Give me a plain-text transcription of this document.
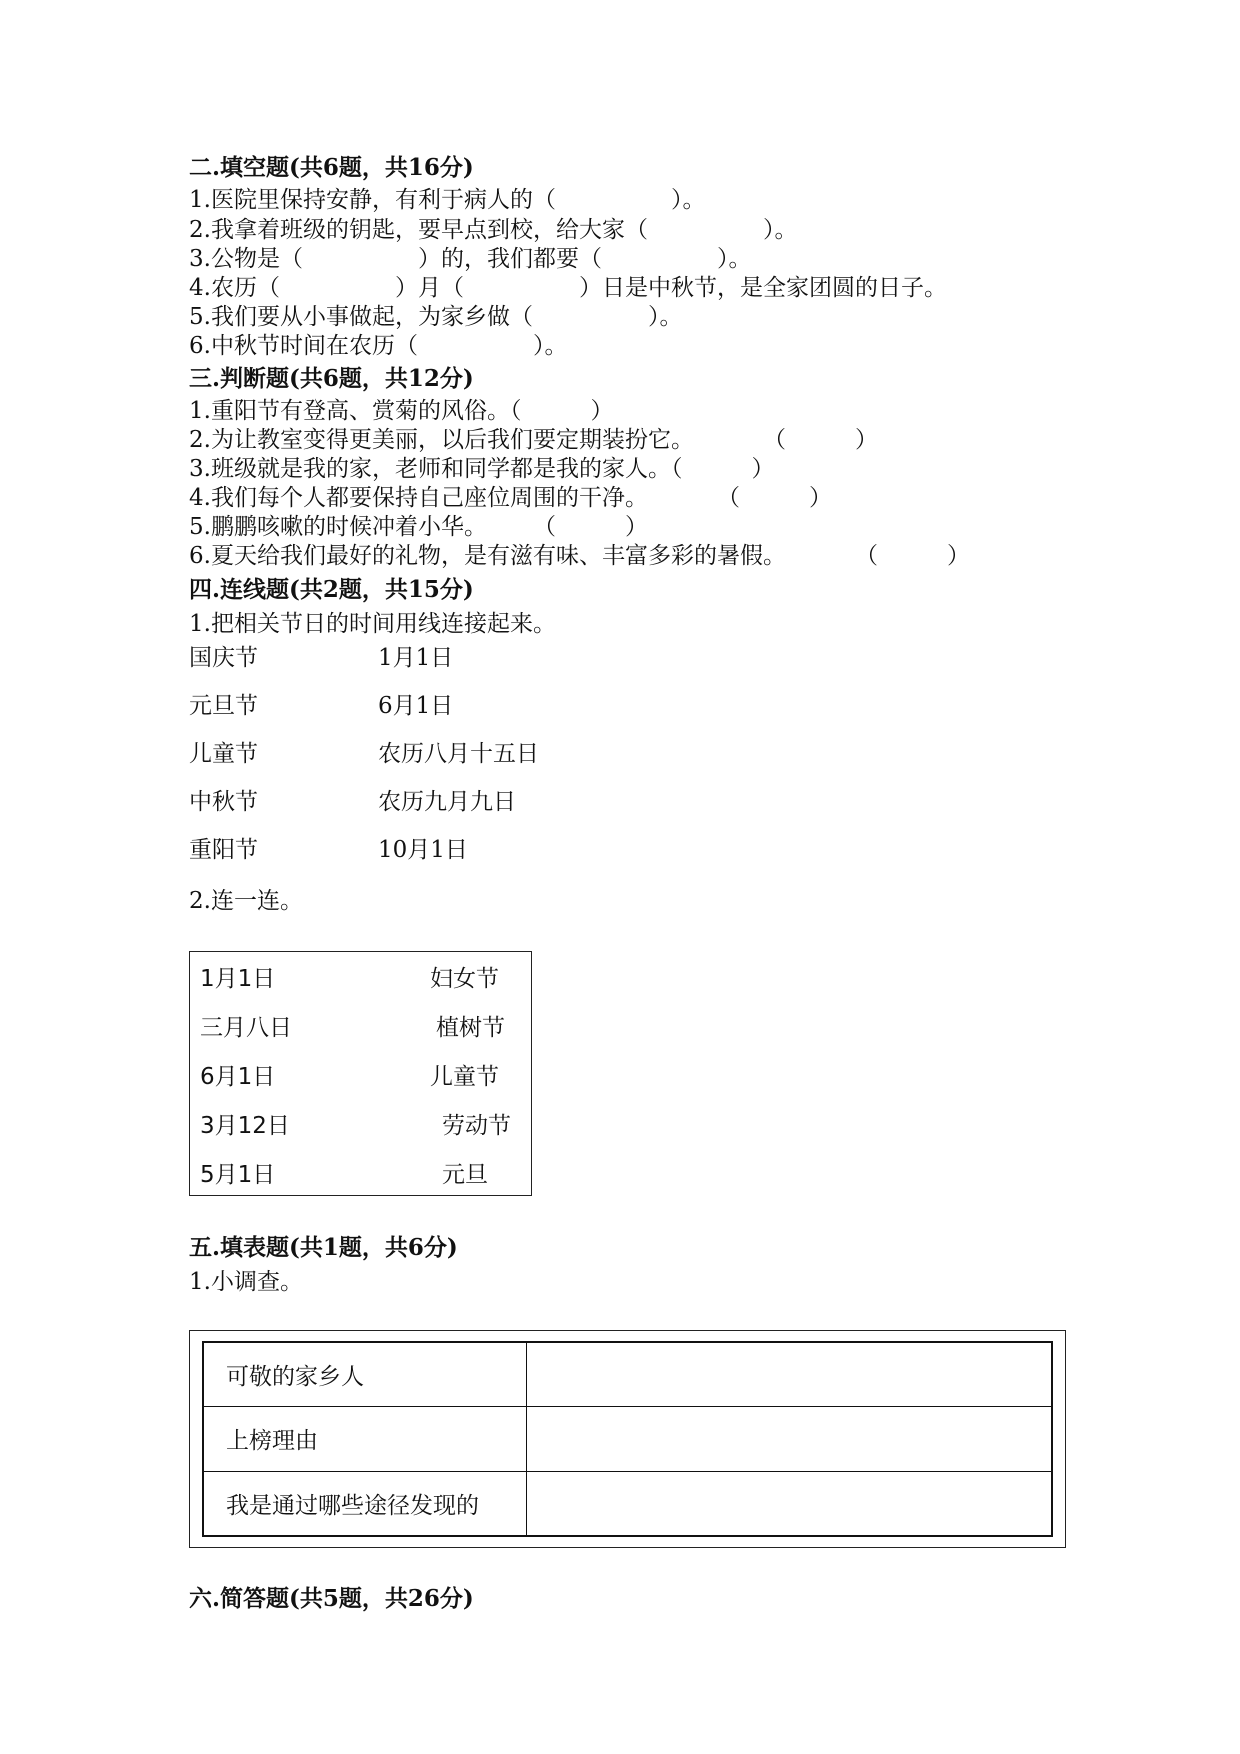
二.填空题(共6题，共16分)
1.医院里保持安静，有利于病人的（　　　　　）。
2.我拿着班级的钥匙，要早点到校，给大家（　　　　　）。
3.公物是（　　　　　）的，我们都要（　　　　　）。
4.农历（　　　　　）月（　　　　　）日是中秋节，是全家团圆的日子。
5.我们要从小事做起，为家乡做（　　　　　）。
6.中秋节时间在农历（　　　　　）。
三.判断题(共6题，共12分)
1.重阳节有登高、赏菊的风俗。（　　　）
2.为让教室变得更美丽，以后我们要定期装扮它。　　　　（　　　）
3.班级就是我的家，老师和同学都是我的家人。（　　　）
4.我们每个人都要保持自己座位周围的干净。　　　　（　　　）
5.鹏鹏咳嗽的时候冲着小华。　　　（　　　）
6.夏天给我们最好的礼物，是有滋有味、丰富多彩的暑假。　　　　（　　　）
四.连线题(共2题，共15分)
1.把相关节日的时间用线连接起来。
国庆节	1月1日
元旦节	6月1日
儿童节	农历八月十五日
中秋节	农历九月九日
重阳节	10月1日
2.连一连。
1月1日	妇女节
三月八日	植树节
6月1日	儿童节
3月12日	劳动节
5月1日	元旦
五.填表题(共1题，共6分)
1.小调查。
可敬的家乡人	
上榜理由	
我是通过哪些途径发现的	
六.简答题(共5题，共26分)
